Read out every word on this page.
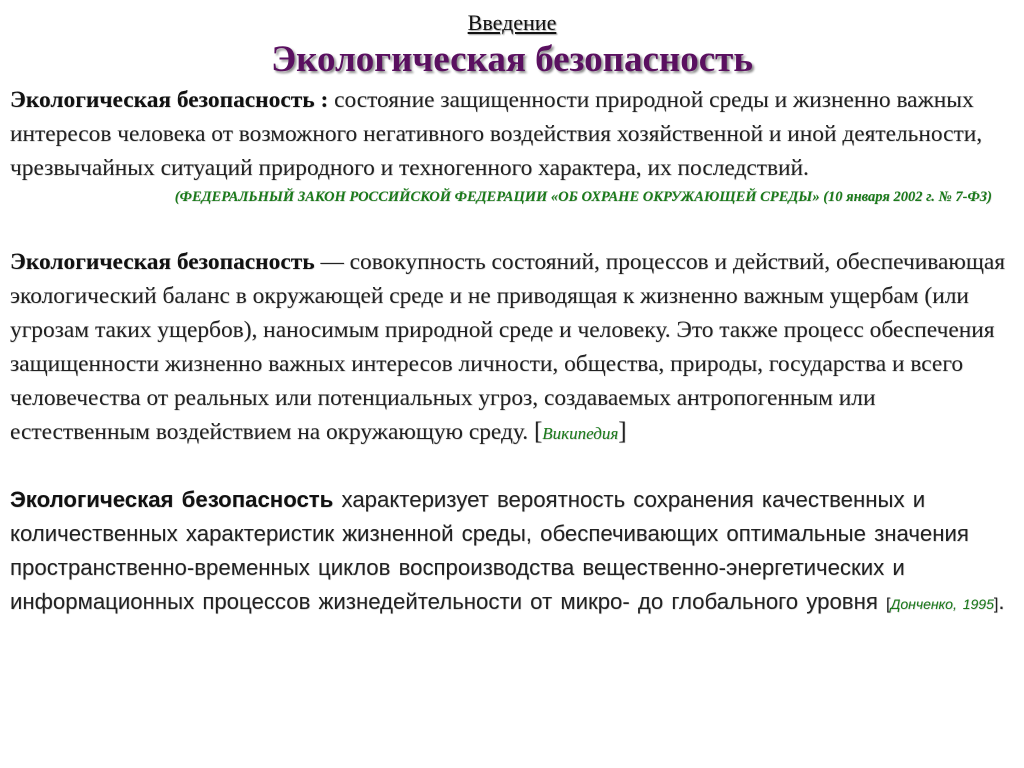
Введение
Экологическая безопасность

Экологическая безопасность : состояние защищенности природной среды и жизненно важных интересов человека от возможного негативного воздействия хозяйственной и иной деятельности, чрезвычайных ситуаций природного и техногенного характера, их последствий.

(ФЕДЕРАЛЬНЫЙ ЗАКОН РОССИЙСКОЙ ФЕДЕРАЦИИ «ОБ ОХРАНЕ ОКРУЖАЮЩЕЙ СРЕДЫ» (10 января 2002 г. № 7-ФЗ)

Экологическая безопасность — совокупность состояний, процессов и действий, обеспечивающая экологический баланс в окружающей среде и не приводящая к жизненно важным ущербам (или угрозам таких ущербов), наносимым природной среде и человеку. Это также процесс обеспечения защищенности жизненно важных интересов личности, общества, природы, государства и всего человечества от реальных или потенциальных угроз, создаваемых антропогенным или естественным воздействием на окружающую среду. [Википедия]

Экологическая безопасность характеризует вероятность сохранения качественных и количественных характеристик жизненной среды, обеспечивающих оптимальные значения пространственно-временных циклов воспроизводства вещественно-энергетических и информационных процессов жизнедейтельности от микро- до глобального уровня [Донченко, 1995].
